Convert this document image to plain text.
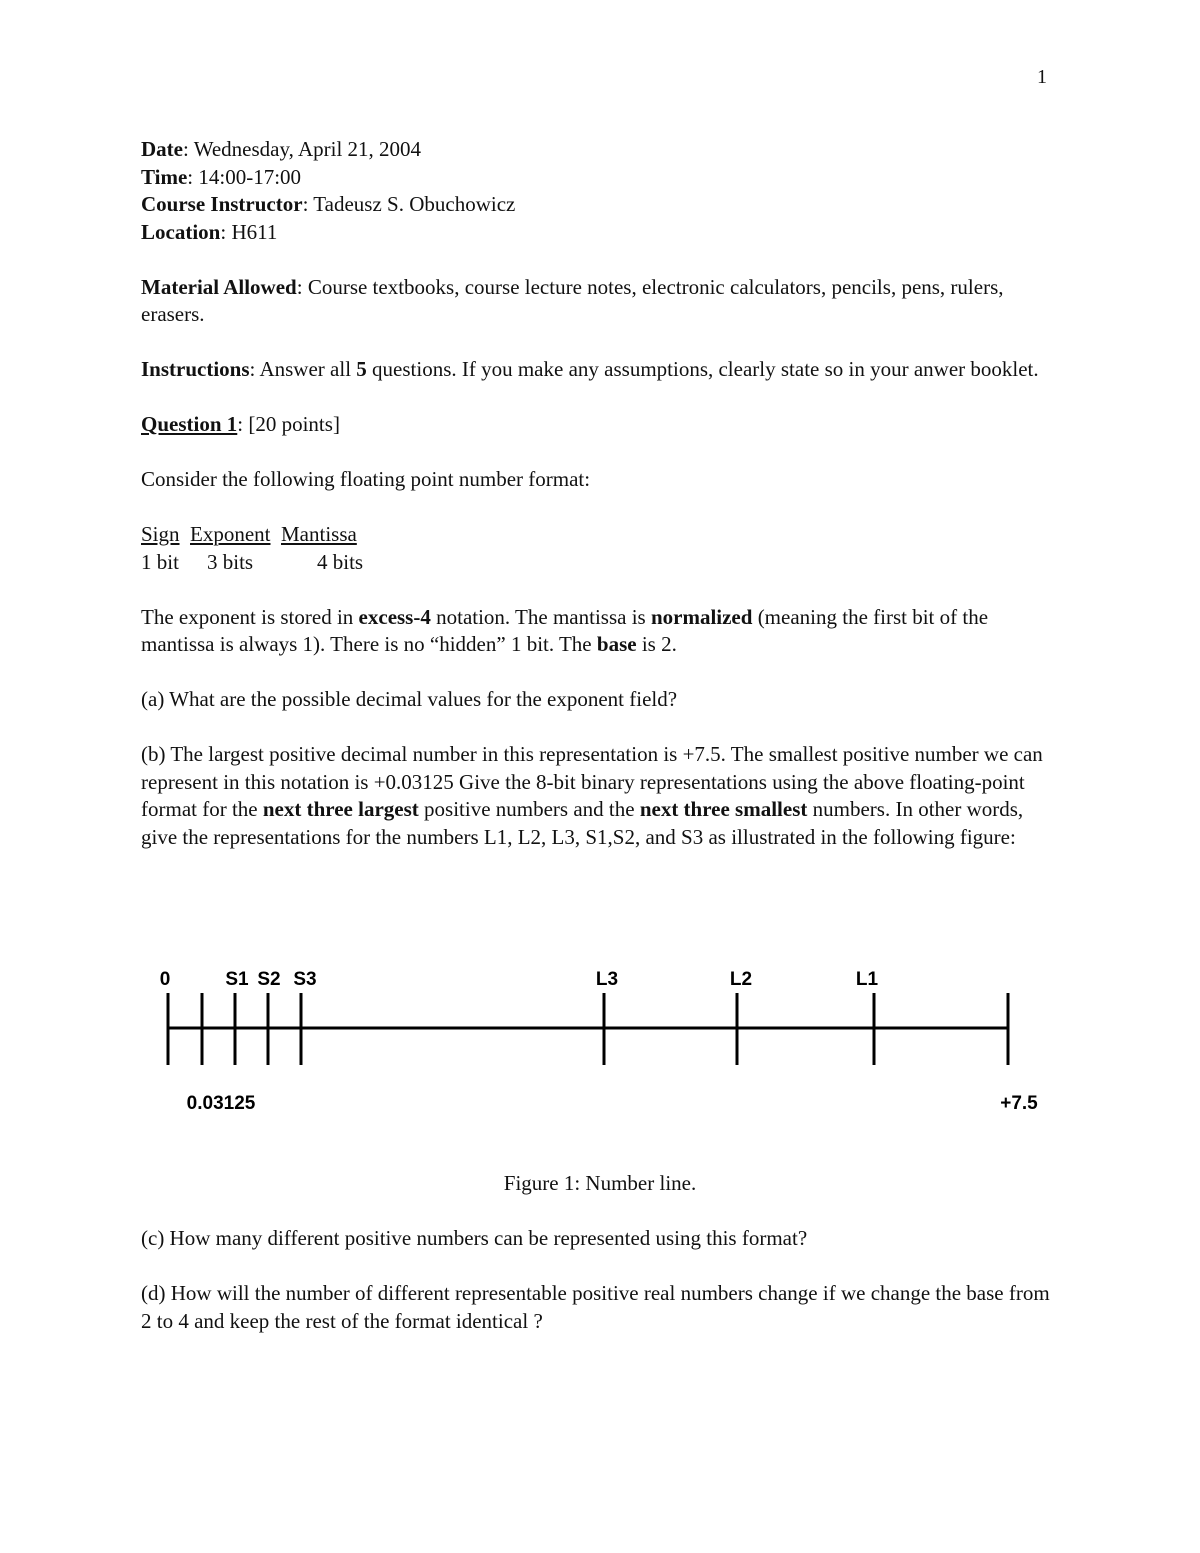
1

Date: Wednesday, April 21, 2004

Time: 14:00-17:00

Course Instructor: Tadeusz S. Obuchowicz

Location: H611

Material Allowed: Course textbooks, course lecture notes, electronic calculators, pencils, pens, rulers, erasers.

Instructions: Answer all 5 questions. If you make any assumptions, clearly state so in your anwer booklet.

Question 1: [20 points]

Consider the following floating point number format:

Sign Exponent Mantissa

1 bit 3 bits	4 bits

The exponent is stored in excess-4 notation. The mantissa is normalized (meaning the first bit of the mantissa is always 1). There is no “hidden” 1 bit. The base is 2.

(a) What are the possible decimal values for the exponent field?

(b) The largest positive decimal number in this representation is +7.5. The smallest positive number we can represent in this notation is +0.03125 Give the 8-bit binary representations using the above floating-point format for the next three largest positive numbers and the next three smallest numbers. In other words, give the representations for the numbers L1, L2, L3, S1,S2, and S3 as illustrated in the following figure:

0	S1 S2 S3	L3	L2	L1
0.03125	+7.5
Figure 1: Number line.

(c) How many different positive numbers can be represented using this format?

(d) How will the number of different representable positive real numbers change if we change the base from 2 to 4 and keep the rest of the format identical ?
